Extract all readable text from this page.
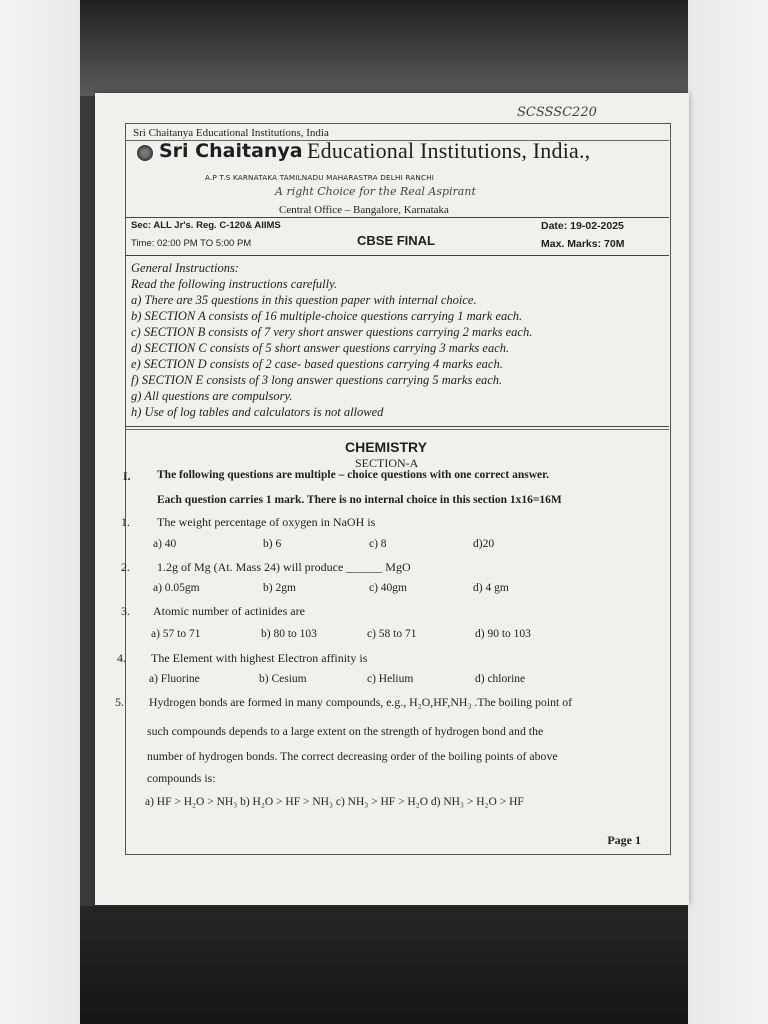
SCSSSC220
Sri Chaitanya Educational Institutions, India
Sri Chaitanya Educational Institutions, India.,
A.P T.S KARNATAKA TAMILNADU MAHARASTRA DELHI RANCHI
A right Choice for the Real Aspirant
Central Office – Bangalore, Karnataka
Sec: ALL Jr's. Reg. C-120& AIIMS	Date: 19-02-2025
Time: 02:00 PM TO 5:00 PM	CBSE FINAL	Max. Marks: 70M
General Instructions:
Read the following instructions carefully.
a) There are 35 questions in this question paper with internal choice.
b) SECTION A consists of 16 multiple-choice questions carrying 1 mark each.
c) SECTION B consists of 7 very short answer questions carrying 2 marks each.
d) SECTION C consists of 5 short answer questions carrying 3 marks each.
e) SECTION D consists of 2 case- based questions carrying 4 marks each.
f) SECTION E consists of 3 long answer questions carrying 5 marks each.
g) All questions are compulsory.
h) Use of log tables and calculators is not allowed
CHEMISTRY
SECTION-A
I. The following questions are multiple – choice questions with one correct answer.
Each question carries 1 mark. There is no internal choice in this section 1x16=16M
1. The weight percentage of oxygen in NaOH is
a) 40	b) 6	c) 8	d)20
2. 1.2g of Mg (At. Mass 24) will produce ______ MgO
a) 0.05gm	b) 2gm	c) 40gm	d) 4 gm
3. Atomic number of actinides are
a) 57 to 71	b) 80 to 103	c) 58 to 71	d) 90 to 103
4. The Element with highest Electron affinity is
a) Fluorine	b) Cesium	c) Helium	d) chlorine
5. Hydrogen bonds are formed in many compounds, e.g., H₂O,HF,NH₃ .The boiling point of
such compounds depends to a large extent on the strength of hydrogen bond and the
number of hydrogen bonds. The correct decreasing order of the boiling points of above
compounds is:
a) HF > H₂O > NH₃ b) H₂O > HF > NH₃ c) NH₃ > HF > H₂O d) NH₃ > H₂O > HF
Page 1
